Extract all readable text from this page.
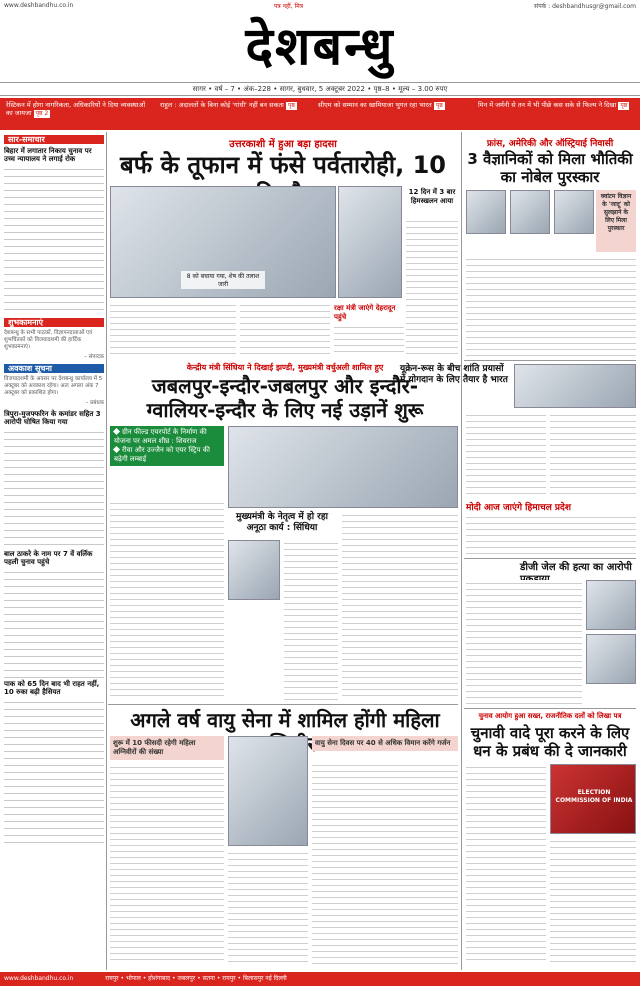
www.deshbandhu.co.in	पत्र नहीं, मित्र	संपर्क : deshbandhusgr@gmail.com
देशबन्धु
सागर • वर्ष – 7 • अंक–228 • सागर, बुधवार, 5 अक्टूबर 2022 • पृष्ठ–8 • मूल्य – 3.00 रुपए
रेस्टिकन में होगा नागरिकता, अधिकारियों ने दिया व्यवस्थाओं का जायजा पृष्ठ 2
राहुल : अदालतों के बिना कोई 'गांधी' नहीं बन सकता पृष्ठ	सीएम को सम्मान का खामियाजा भुगत रहा भारत पृष्ठ	मिन में जर्मनी से तन में भी पीछे कस सके से फिल्म ने दिखा पृष्ठ
सार-समाचार
बिहार में लगातार निकाय चुनाव पर उच्च न्यायालय ने लगाई रोक
शुभकामनाएं
देशबन्धु के सभी पाठकों, विज्ञापनदाताओं एवं शुभचिंतकों को विजयादशमी की हार्दिक शुभकामनाएं।
– संपादक
अवकाश सूचना
विजयादशमी के अवसर पर देशबन्धु कार्यालय में 5 अक्टूबर को अवकाश रहेगा। अतः अगला अंक 7 अक्टूबर को प्रकाशित होगा।
– प्रबंधक
त्रिपुरा-मुजफ्फरिन के कमांडर सहित 3 आरोपी घोषित किया गया
बाल ठाकरे के नाम पर 7 वें वर्लिक पहली चुनाव पहुंचे
पाक को 65 दिन बाद भी राहत नहीं, 10 रुका बढ़ी हैसियत
उत्तरकाशी में हुआ बड़ा हादसा
बर्फ के तूफान में फंसे पर्वतारोही, 10
8 को बचाया गया, शेष की तलाश जारी
रक्षा मंत्री जाएंगे देहरादून पहुंचे
12 दिन में 3 बार हिमस्खलन आया
केन्द्रीय मंत्री सिंधिया ने दिखाई झण्डी, मुख्यमंत्री वर्चुअली शामिल हुए
जबलपुर-इन्दौर-जबलपुर और इन्दौर-
ग्वालियर-इन्दौर के लिए नई उड़ानें शुरू
ग्रीन फील्ड एयरपोर्ट के निर्माण की योजना पर अमल शीघ्र : शिवराज
रीवा और उज्जैन को एयर स्ट्रिप की बढ़ेगी लम्बाई
मुख्यमंत्री के नेतृत्व में हो रहा अनूठा कार्य : सिंधिया
अगले वर्ष वायु सेना में शामिल होंगी महिला
शुरू में 10 फीसदी रहेगी महिला अग्निवीरों की संख्या
वायु सेना दिवस पर 40 से अधिक विमान करेंगे गर्जन
फ्रांस, अमेरिकी और ऑस्ट्रियाई निवासी
3 वैज्ञानिकों को मिला भौतिकी का नोबेल पुरस्कार
क्वांटम विज्ञान के 'जादू' को सुलझाने के लिए मिला पुरस्कार
यूक्रेन-रूस के बीच शांति प्रयासों में योगदान के लिए तैयार है भारत
मोदी आज जाएंगे हिमाचल प्रदेश
डीजी जेल की हत्या का आरोपी
चुनाव आयोग हुआ सख्त, राजनीतिक दलों को लिखा पत्र
चुनावी वादे पूरा करने के लिए धन के प्रबंध की दे जानकारी
ELECTION COMMISSION OF INDIA
www.deshbandhu.co.in	रायपुर • भोपाल • होशंगाबाद • जबलपुर • सतना • रायपुर • बिलासपुर नई दिल्ली
